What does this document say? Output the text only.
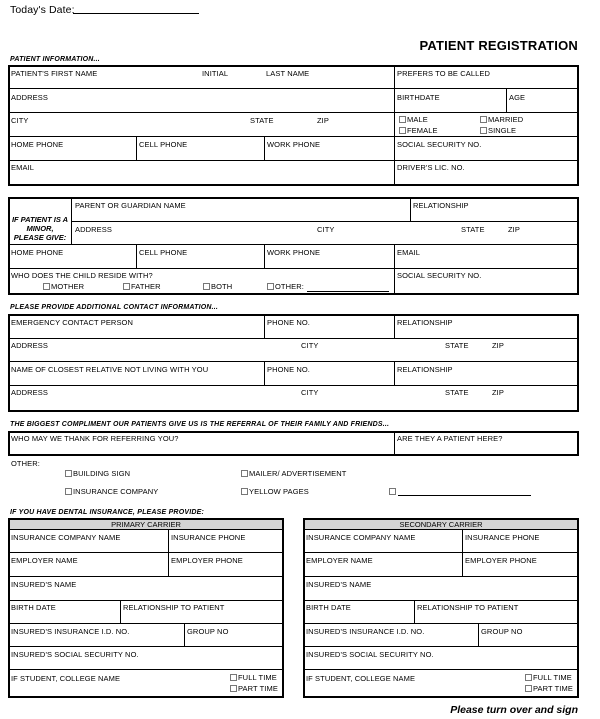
Today's Date:
PATIENT REGISTRATION
PATIENT INFORMATION...
PATIENT'S FIRST NAME	INITIAL	LAST NAME	PREFERS TO BE CALLED
ADDRESS	BIRTHDATE	AGE
CITY	STATE	ZIP	MALE	MARRIED
FEMALE	SINGLE
HOME PHONE	CELL PHONE	WORK PHONE	SOCIAL SECURITY NO.
EMAIL	DRIVER'S LIC. NO.
IF PATIENT IS A
MINOR,
PLEASE GIVE:
PARENT OR GUARDIAN NAME	RELATIONSHIP
ADDRESS	CITY	STATE	ZIP
HOME PHONE	CELL PHONE	WORK PHONE	EMAIL
WHO DOES THE CHILD RESIDE WITH?	SOCIAL SECURITY NO.
MOTHER	FATHER	BOTH	OTHER:
PLEASE PROVIDE ADDITIONAL CONTACT INFORMATION...
EMERGENCY CONTACT PERSON	PHONE NO.	RELATIONSHIP
ADDRESS	CITY	STATE	ZIP
NAME OF CLOSEST RELATIVE NOT LIVING WITH YOU	PHONE NO.	RELATIONSHIP
ADDRESS	CITY	STATE	ZIP
THE BIGGEST COMPLIMENT OUR PATIENTS GIVE US IS THE REFERRAL OF THEIR FAMILY AND FRIENDS...
WHO MAY WE THANK FOR REFERRING YOU?	ARE THEY A PATIENT HERE?
OTHER:
BUILDING SIGN	MAILER/ ADVERTISEMENT
INSURANCE COMPANY	YELLOW PAGES
IF YOU HAVE DENTAL INSURANCE, PLEASE PROVIDE:
PRIMARY CARRIER
INSURANCE COMPANY NAME	INSURANCE PHONE
EMPLOYER NAME	EMPLOYER PHONE
INSURED'S NAME
BIRTH DATE	RELATIONSHIP TO PATIENT
INSURED'S INSURANCE I.D. NO.	GROUP NO
INSURED'S SOCIAL SECURITY NO.
IF STUDENT, COLLEGE NAME	FULL TIME
PART TIME
SECONDARY CARRIER
INSURANCE COMPANY NAME	INSURANCE PHONE
EMPLOYER NAME	EMPLOYER PHONE
INSURED'S NAME
BIRTH DATE	RELATIONSHIP TO PATIENT
INSURED'S INSURANCE I.D. NO.	GROUP NO
INSURED'S SOCIAL SECURITY NO.
IF STUDENT, COLLEGE NAME	FULL TIME
PART TIME
Please turn over and sign
